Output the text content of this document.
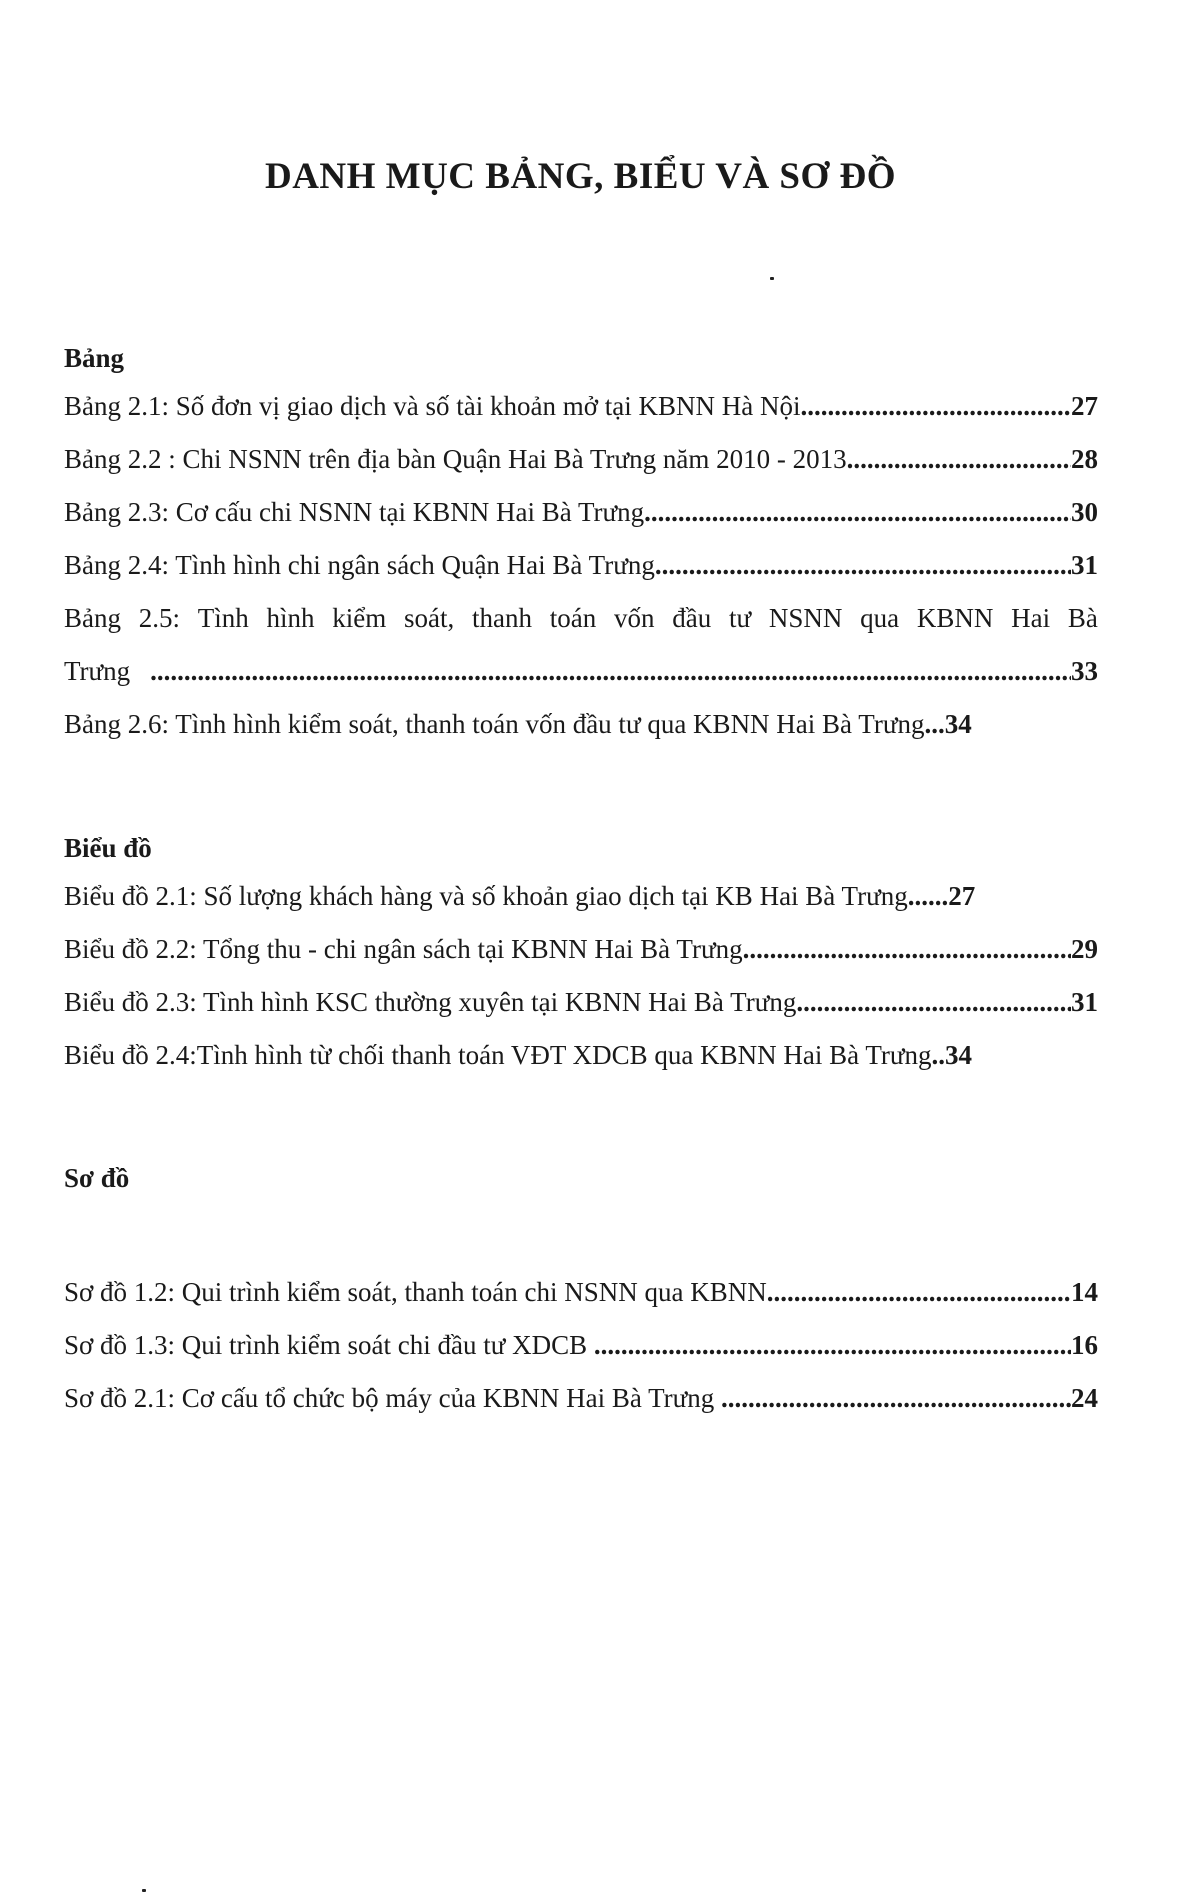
DANH MỤC BẢNG, BIỂU VÀ SƠ ĐỒ
Bảng
Bảng 2.1: Số đơn vị giao dịch và số tài khoản mở tại KBNN Hà Nội .....	27
Bảng 2.2 : Chi NSNN trên địa bàn Quận Hai Bà Trưng năm 2010 - 2013 .....	28
Bảng 2.3: Cơ cấu chi NSNN tại KBNN Hai Bà Trưng .....	30
Bảng 2.4: Tình hình chi ngân sách Quận Hai Bà Trưng .....	31
Bảng 2.5: Tình hình kiểm soát, thanh toán vốn đầu tư NSNN qua KBNN Hai Bà
Trưng .....	33
Bảng 2.6: Tình hình kiểm soát, thanh toán vốn đầu tư qua KBNN Hai Bà Trưng ...34
Biểu đồ
Biểu đồ 2.1: Số lượng khách hàng và số khoản giao dịch tại KB Hai Bà Trưng ......27
Biểu đồ 2.2: Tổng thu - chi ngân sách tại KBNN Hai Bà Trưng .....	29
Biểu đồ 2.3: Tình hình KSC thường xuyên tại KBNN Hai Bà Trưng .....	31
Biểu đồ 2.4:Tình hình từ chối thanh toán VĐT XDCB qua KBNN Hai Bà Trưng ..34
Sơ đồ
Sơ đồ 1.2: Qui trình kiểm soát, thanh toán chi NSNN qua KBNN .....	14
Sơ đồ 1.3: Qui trình kiểm soát chi đầu tư XDCB .....	16
Sơ đồ 2.1: Cơ cấu tổ chức bộ máy của KBNN Hai Bà Trưng .....	24
